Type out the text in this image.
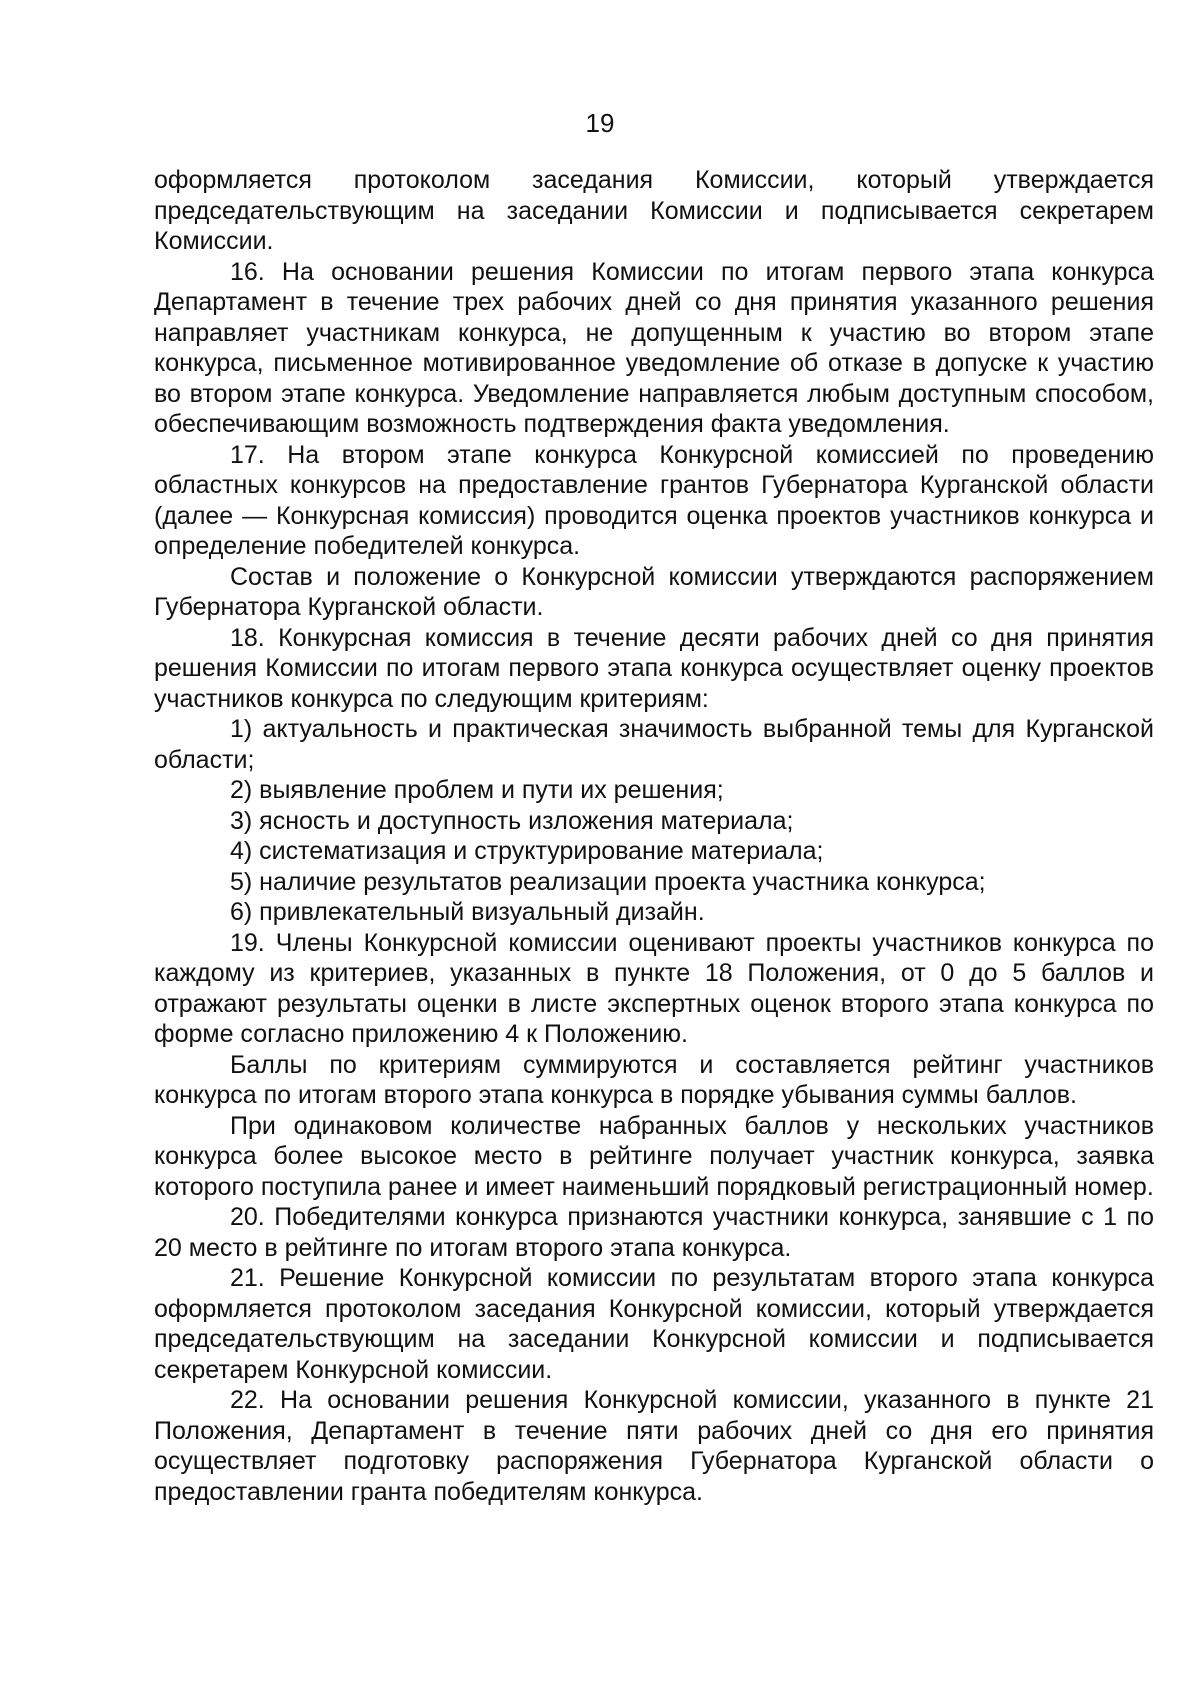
19

оформляется протоколом заседания Комиссии, который утверждается председательствующим на заседании Комиссии и подписывается секретарем Комиссии.

16. На основании решения Комиссии по итогам первого этапа конкурса Департамент в течение трех рабочих дней со дня принятия указанного решения направляет участникам конкурса, не допущенным к участию во втором этапе конкурса, письменное мотивированное уведомление об отказе в допуске к участию во втором этапе конкурса. Уведомление направляется любым доступным способом, обеспечивающим возможность подтверждения факта уведомления.

17. На втором этапе конкурса Конкурсной комиссией по проведению областных конкурсов на предоставление грантов Губернатора Курганской области (далее — Конкурсная комиссия) проводится оценка проектов участников конкурса и определение победителей конкурса.

Состав и положение о Конкурсной комиссии утверждаются распоряжением Губернатора Курганской области.

18. Конкурсная комиссия в течение десяти рабочих дней со дня принятия решения Комиссии по итогам первого этапа конкурса осуществляет оценку проектов участников конкурса по следующим критериям:

1) актуальность и практическая значимость выбранной темы для Курганской области;

2) выявление проблем и пути их решения;

3) ясность и доступность изложения материала;

4) систематизация и структурирование материала;

5) наличие результатов реализации проекта участника конкурса;

6) привлекательный визуальный дизайн.

19. Члены Конкурсной комиссии оценивают проекты участников конкурса по каждому из критериев, указанных в пункте 18 Положения, от 0 до 5 баллов и отражают результаты оценки в листе экспертных оценок второго этапа конкурса по форме согласно приложению 4 к Положению.

Баллы по критериям суммируются и составляется рейтинг участников конкурса по итогам второго этапа конкурса в порядке убывания суммы баллов.

При одинаковом количестве набранных баллов у нескольких участников конкурса более высокое место в рейтинге получает участник конкурса, заявка которого поступила ранее и имеет наименьший порядковый регистрационный номер.

20. Победителями конкурса признаются участники конкурса, занявшие с 1 по 20 место в рейтинге по итогам второго этапа конкурса.

21. Решение Конкурсной комиссии по результатам второго этапа конкурса оформляется протоколом заседания Конкурсной комиссии, который утверждается председательствующим на заседании Конкурсной комиссии и подписывается секретарем Конкурсной комиссии.

22. На основании решения Конкурсной комиссии, указанного в пункте 21 Положения, Департамент в течение пяти рабочих дней со дня его принятия осуществляет подготовку распоряжения Губернатора Курганской области о предоставлении гранта победителям конкурса.
